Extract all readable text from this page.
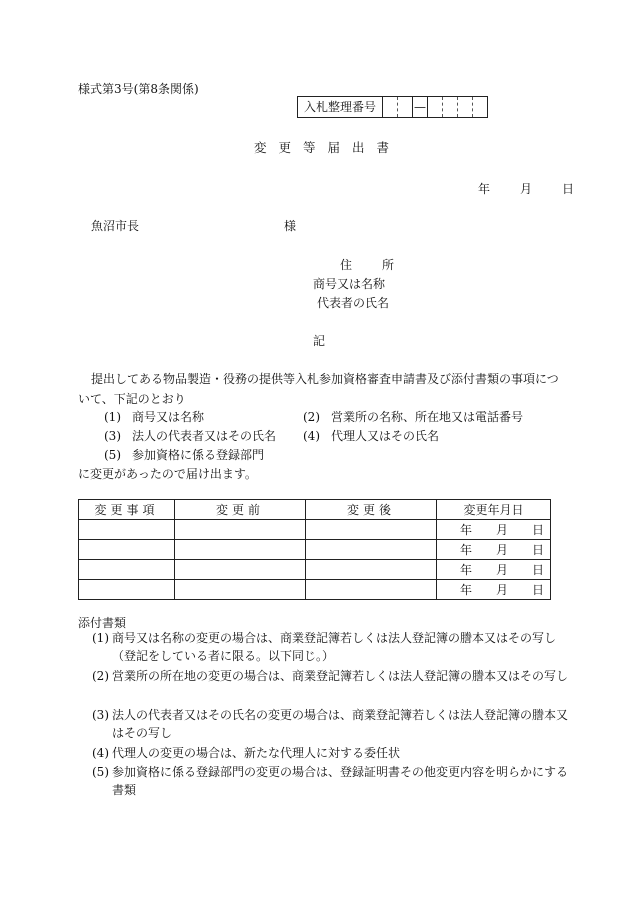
様式第3号(第8条関係)
入札整理番号	—
変更等届出書
年	月	日
魚沼市長	様
住	所
商号又は名称
代表者の氏名
記
提出してある物品製造・役務の提供等入札参加資格審査申請書及び添付書類の事項につ
いて、下記のとおり
(1) 商号又は名称	(2) 営業所の名称、所在地又は電話番号
(3) 法人の代表者又はその氏名 (4) 代理人又はその氏名
(5) 参加資格に係る登録部門
に変更があったので届け出ます。
変更事項	変更前	変更後	変更年月日
			年　　月　　日
			年　　月　　日
			年　　月　　日
			年　　月　　日
添付書類
(1) 商号又は名称の変更の場合は、商業登記簿若しくは法人登記簿の謄本又はその写し（登記をしている者に限る。以下同じ。）
(2) 営業所の所在地の変更の場合は、商業登記簿若しくは法人登記簿の謄本又はその写し
(3) 法人の代表者又はその氏名の変更の場合は、商業登記簿若しくは法人登記簿の謄本又はその写し
(4) 代理人の変更の場合は、新たな代理人に対する委任状
(5) 参加資格に係る登録部門の変更の場合は、登録証明書その他変更内容を明らかにする書類
